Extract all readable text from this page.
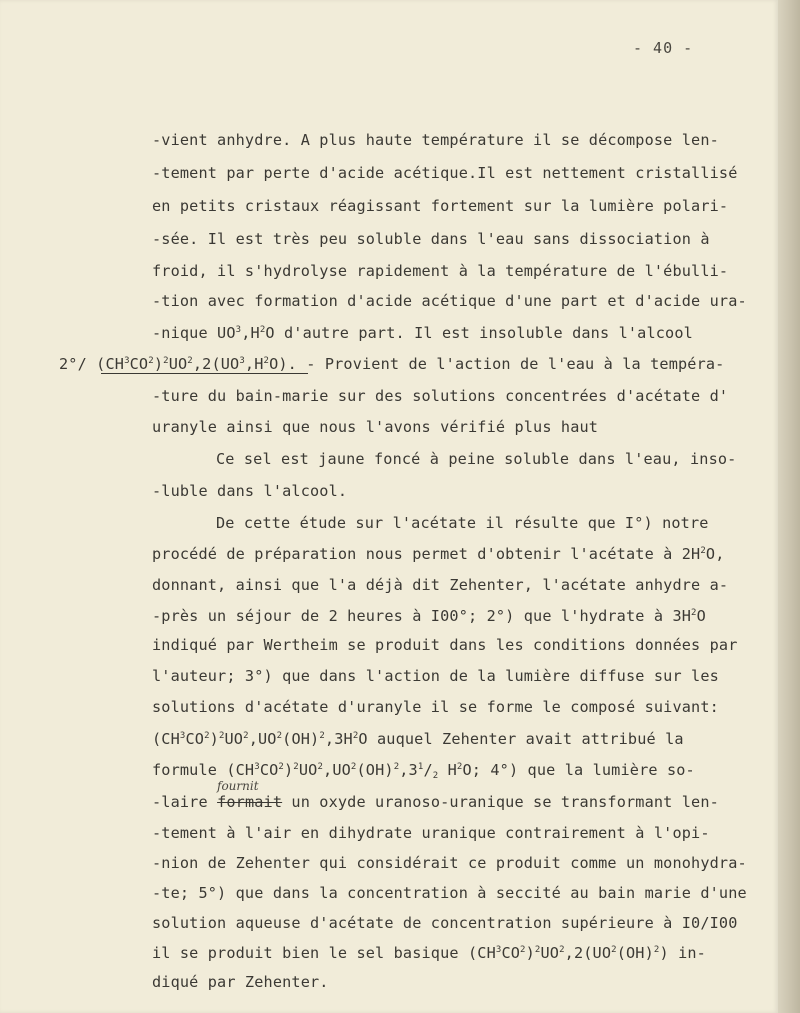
- 40 -
-vient anhydre. A plus haute température il se décompose len-
-tement par perte d'acide acétique.Il est nettement cristallisé
en petits cristaux réagissant fortement sur la lumière polari-
-sée. Il est très peu soluble dans l'eau sans dissociation à
froid, il s'hydrolyse rapidement à la température de l'ébulli-
-tion avec formation d'acide acétique d'une part et d'acide ura-
-nique $UO^3,H^2O$ d'autre part. Il est insoluble dans l'alcool
2°/ $(CH^3CO^2)^2UO^2,2(UO^3,H^2O)$. - Provient de l'action de l'eau à la tempéra-
-ture du bain-marie sur des solutions concentrées d'acétate d'
uranyle ainsi que nous l'avons vérifié plus haut
Ce sel est jaune foncé à peine soluble dans l'eau, inso-
-luble dans l'alcool.
De cette étude sur l'acétate il résulte que I°) notre
procédé de préparation nous permet d'obtenir l'acétate à $2H^2O$,
donnant, ainsi que l'a déjà dit Zehenter, l'acétate anhydre a-
-près un séjour de 2 heures à I00°; 2°) que l'hydrate à $3H^2O$
indiqué par Wertheim se produit dans les conditions données par
l'auteur; 3°) que dans l'action de la lumière diffuse sur les
solutions d'acétate d'uranyle il se forme le composé suivant:
$(CH^3CO^2)^2UO^2,UO^2(OH)^2,3H^2O$ auquel Zehenter avait attribué la
formule $(CH^3CO^2)^2UO^2,UO^2(OH)^2,3^1/_2$ $H^2O$; 4°) que la lumière so-
fournit
-laire formait un oxyde uranoso-uranique se transformant len-
-tement à l'air en dihydrate uranique contrairement à l'opi-
-nion de Zehenter qui considérait ce produit comme un monohydra-
-te; 5°) que dans la concentration à seccité au bain marie d'une
solution aqueuse d'acétate de concentration supérieure à I0/I00
il se produit bien le sel basique $(CH^3CO^2)^2UO^2,2(UO^2(OH)^2)$ in-
diqué par Zehenter.
